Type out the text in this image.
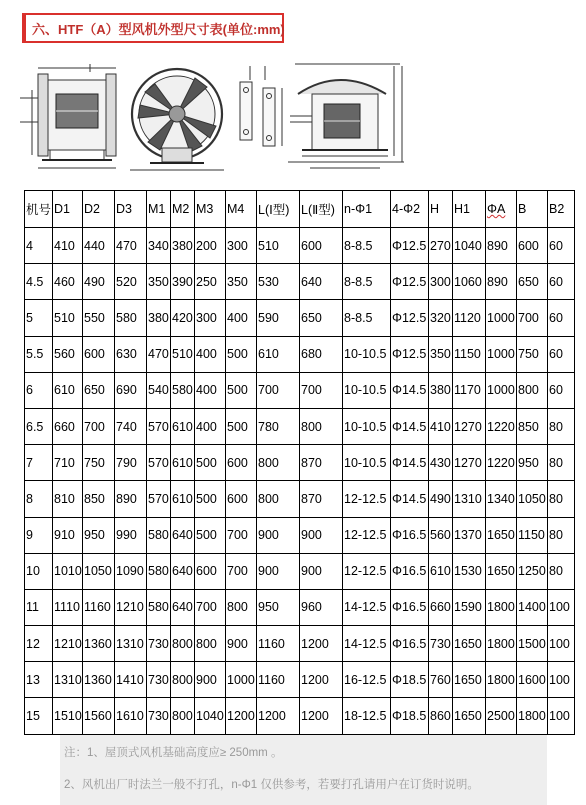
六、HTF（A）型风机外型尺寸表(单位:mm)
机号	D1	D2	D3	M1	M2	M3	M4	L(Ⅰ型)	L(Ⅱ型)	n-Φ1	4-Φ2	H	H1	ΦA	B	B2
4	410	440	470	340	380	200	300	510	600	8-8.5	Φ12.5	270	1040	890	600	60
4.5	460	490	520	350	390	250	350	530	640	8-8.5	Φ12.5	300	1060	890	650	60
5	510	550	580	380	420	300	400	590	650	8-8.5	Φ12.5	320	1120	1000	700	60
5.5	560	600	630	470	510	400	500	610	680	10-10.5	Φ12.5	350	1150	1000	750	60
6	610	650	690	540	580	400	500	700	700	10-10.5	Φ14.5	380	1170	1000	800	60
6.5	660	700	740	570	610	400	500	780	800	10-10.5	Φ14.5	410	1270	1220	850	80
7	710	750	790	570	610	500	600	800	870	10-10.5	Φ14.5	430	1270	1220	950	80
8	810	850	890	570	610	500	600	800	870	12-12.5	Φ14.5	490	1310	1340	1050	80
9	910	950	990	580	640	500	700	900	900	12-12.5	Φ16.5	560	1370	1650	1150	80
10	1010	1050	1090	580	640	600	700	900	900	12-12.5	Φ16.5	610	1530	1650	1250	80
11	1110	1160	1210	580	640	700	800	950	960	14-12.5	Φ16.5	660	1590	1800	1400	100
12	1210	1360	1310	730	800	800	900	1160	1200	14-12.5	Φ16.5	730	1650	1800	1500	100
13	1310	1360	1410	730	800	900	1000	1160	1200	16-12.5	Φ18.5	760	1650	1800	1600	100
15	1510	1560	1610	730	800	1040	1200	1200	1200	18-12.5	Φ18.5	860	1650	2500	1800	100
注：1、屋顶式风机基础高度应≥ 250mm 。
2、风机出厂时法兰一般不打孔，n-Φ1 仅供参考，若要打孔请用户在订货时说明。
